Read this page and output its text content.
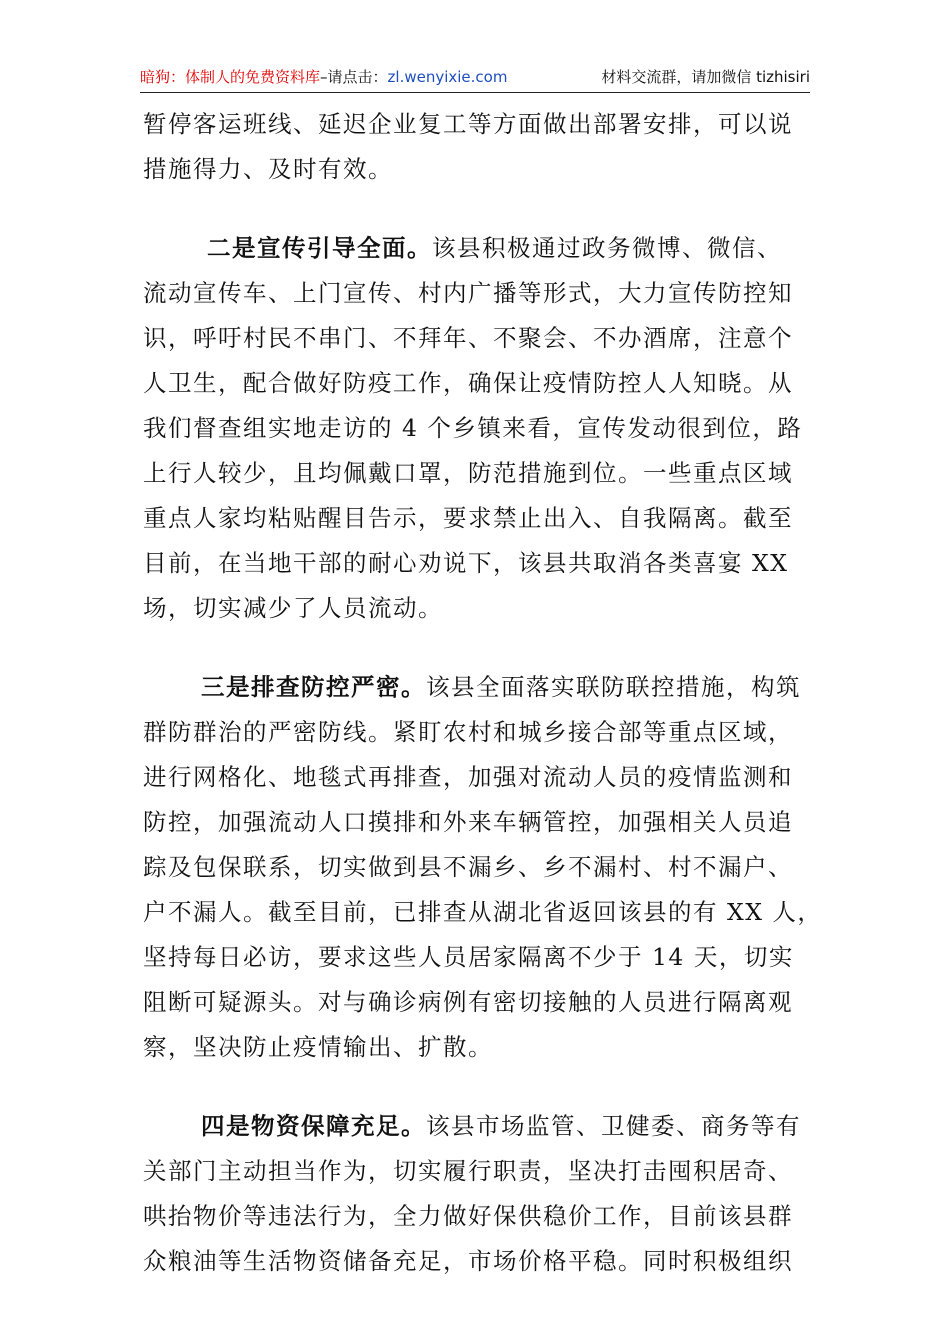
暗狗：体制人的免费资料库–请点击：zl.wenyixie.com	材料交流群，请加微信 tizhisiri
暂停客运班线、延迟企业复工等方面做出部署安排，可以说
措施得力、及时有效。
二是宣传引导全面。该县积极通过政务微博、微信、
流动宣传车、上门宣传、村内广播等形式，大力宣传防控知
识，呼吁村民不串门、不拜年、不聚会、不办酒席，注意个
人卫生，配合做好防疫工作，确保让疫情防控人人知晓。从
我们督查组实地走访的 4 个乡镇来看，宣传发动很到位，路
上行人较少，且均佩戴口罩，防范措施到位。一些重点区域
重点人家均粘贴醒目告示，要求禁止出入、自我隔离。截至
目前，在当地干部的耐心劝说下，该县共取消各类喜宴 XX
场，切实减少了人员流动。
三是排查防控严密。该县全面落实联防联控措施，构筑
群防群治的严密防线。紧盯农村和城乡接合部等重点区域，
进行网格化、地毯式再排查，加强对流动人员的疫情监测和
防控，加强流动人口摸排和外来车辆管控，加强相关人员追
踪及包保联系，切实做到县不漏乡、乡不漏村、村不漏户、
户不漏人。截至目前，已排查从湖北省返回该县的有 XX 人，
坚持每日必访，要求这些人员居家隔离不少于 14 天，切实
阻断可疑源头。对与确诊病例有密切接触的人员进行隔离观
察，坚决防止疫情输出、扩散。
四是物资保障充足。该县市场监管、卫健委、商务等有
关部门主动担当作为，切实履行职责，坚决打击囤积居奇、
哄抬物价等违法行为，全力做好保供稳价工作，目前该县群
众粮油等生活物资储备充足，市场价格平稳。同时积极组织
